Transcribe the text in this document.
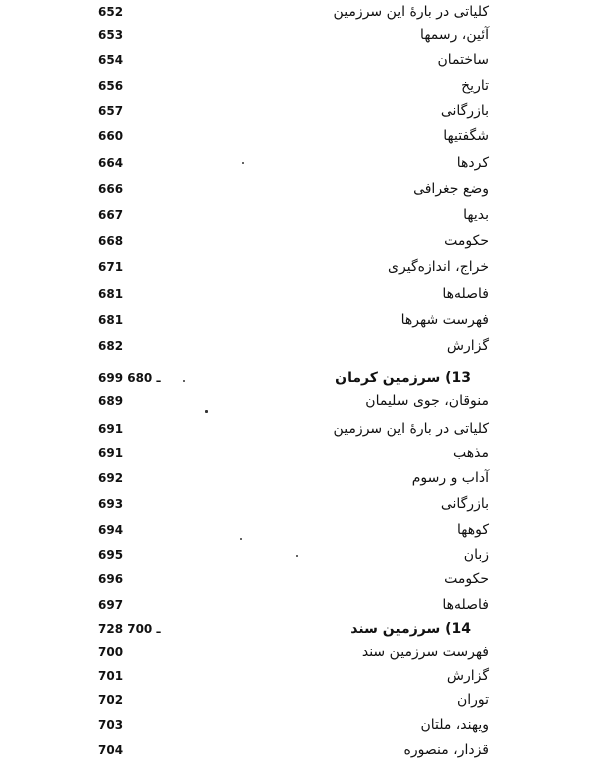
كلياتى در بارهٔ این سرزمین
652
آئین، رسمها
653
ساختمان
654
تاریخ
656
بازرگانی
657
شگفتیها
660
کردها
664
وضع جغرافی
666
بدیها
667
حکومت
668
خراج، اندازه‌گیری
671
فاصله‌ها
681
فهرست شهرها
681
گزارش
682
13) سرزمین کرمان
699 ـ 680
منوقان، جوی سلیمان
689
كلياتى در بارهٔ این سرزمین
691
مذهب
691
آداب و رسوم
692
بازرگانی
693
کوهها
694
زبان
695
حکومت
696
فاصله‌ها
697
14) سرزمین سند
728 ـ 700
فهرست سرزمین سند
700
گزارش
701
توران
702
ویهند، ملتان
703
قزدار، منصوره
704
